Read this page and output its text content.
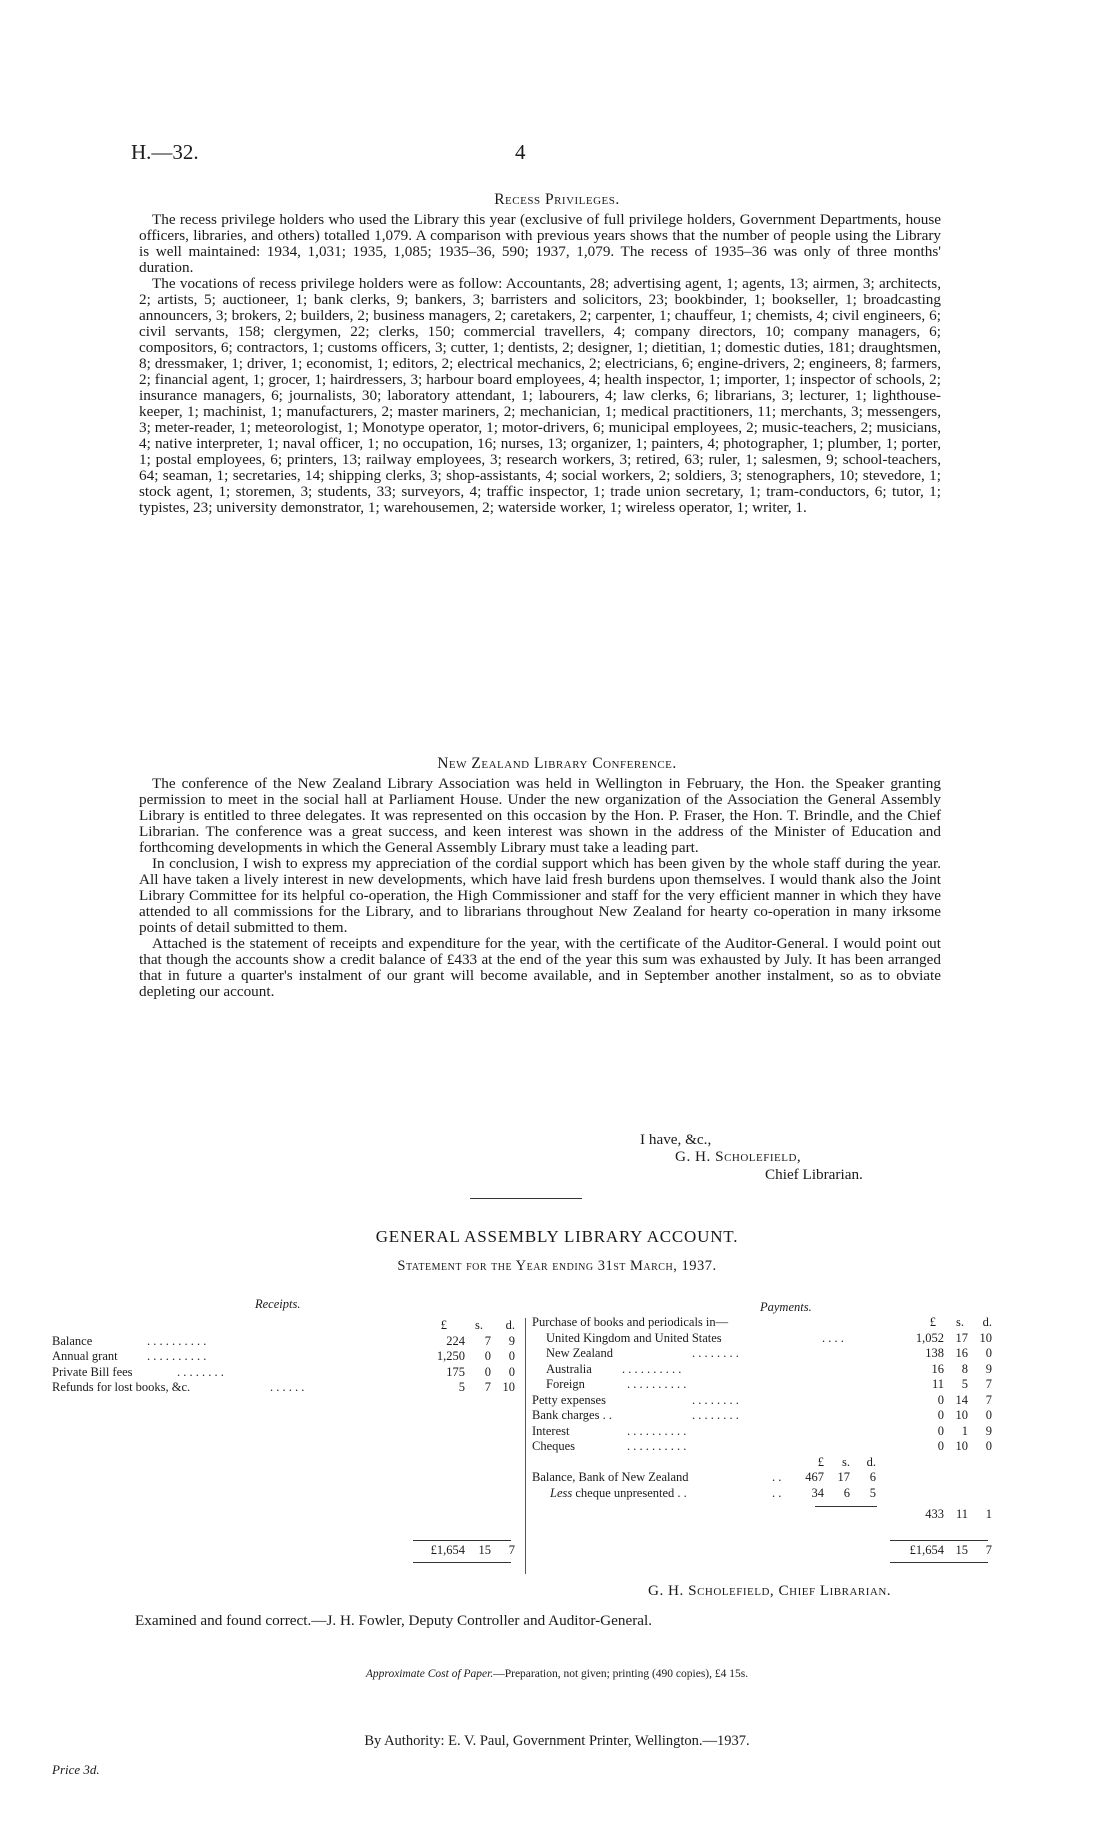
H.—32.	4
Recess Privileges.

The recess privilege holders who used the Library this year (exclusive of full privilege holders, Government Departments, house officers, libraries, and others) totalled 1,079. A comparison with previous years shows that the number of people using the Library is well maintained: 1934, 1,031; 1935, 1,085; 1935–36, 590; 1937, 1,079. The recess of 1935–36 was only of three months' duration.

The vocations of recess privilege holders were as follow: Accountants, 28; advertising agent, 1; agents, 13; airmen, 3; architects, 2; artists, 5; auctioneer, 1; bank clerks, 9; bankers, 3; barristers and solicitors, 23; bookbinder, 1; bookseller, 1; broadcasting announcers, 3; brokers, 2; builders, 2; business managers, 2; caretakers, 2; carpenter, 1; chauffeur, 1; chemists, 4; civil engineers, 6; civil servants, 158; clergymen, 22; clerks, 150; commercial travellers, 4; company directors, 10; company managers, 6; compositors, 6; contractors, 1; customs officers, 3; cutter, 1; dentists, 2; designer, 1; dietitian, 1; domestic duties, 181; draughtsmen, 8; dressmaker, 1; driver, 1; economist, 1; editors, 2; electrical mechanics, 2; electricians, 6; engine-drivers, 2; engineers, 8; farmers, 2; financial agent, 1; grocer, 1; hairdressers, 3; harbour board employees, 4; health inspector, 1; importer, 1; inspector of schools, 2; insurance managers, 6; journalists, 30; laboratory attendant, 1; labourers, 4; law clerks, 6; librarians, 3; lecturer, 1; lighthouse-keeper, 1; machinist, 1; manufacturers, 2; master mariners, 2; mechanician, 1; medical practitioners, 11; merchants, 3; messengers, 3; meter-reader, 1; meteorologist, 1; Monotype operator, 1; motor-drivers, 6; municipal employees, 2; music-teachers, 2; musicians, 4; native interpreter, 1; naval officer, 1; no occupation, 16; nurses, 13; organizer, 1; painters, 4; photographer, 1; plumber, 1; porter, 1; postal employees, 6; printers, 13; railway employees, 3; research workers, 3; retired, 63; ruler, 1; salesmen, 9; school-teachers, 64; seaman, 1; secretaries, 14; shipping clerks, 3; shop-assistants, 4; social workers, 2; soldiers, 3; stenographers, 10; stevedore, 1; stock agent, 1; storemen, 3; students, 33; surveyors, 4; traffic inspector, 1; trade union secretary, 1; tram-conductors, 6; tutor, 1; typistes, 23; university demonstrator, 1; warehousemen, 2; waterside worker, 1; wireless operator, 1; writer, 1.

New Zealand Library Conference.

The conference of the New Zealand Library Association was held in Wellington in February, the Hon. the Speaker granting permission to meet in the social hall at Parliament House. Under the new organization of the Association the General Assembly Library is entitled to three delegates. It was represented on this occasion by the Hon. P. Fraser, the Hon. T. Brindle, and the Chief Librarian. The conference was a great success, and keen interest was shown in the address of the Minister of Education and forthcoming developments in which the General Assembly Library must take a leading part.

In conclusion, I wish to express my appreciation of the cordial support which has been given by the whole staff during the year. All have taken a lively interest in new developments, which have laid fresh burdens upon themselves. I would thank also the Joint Library Committee for its helpful co-operation, the High Commissioner and staff for the very efficient manner in which they have attended to all commissions for the Library, and to librarians throughout New Zealand for hearty co-operation in many irksome points of detail submitted to them.

Attached is the statement of receipts and expenditure for the year, with the certificate of the Auditor-General. I would point out that though the accounts show a credit balance of £433 at the end of the year this sum was exhausted by July. It has been arranged that in future a quarter's instalment of our grant will become available, and in September another instalment, so as to obviate depleting our account.

I have, &c.,
G. H. Scholefield,
Chief Librarian.
GENERAL ASSEMBLY LIBRARY ACCOUNT.
Statement for the Year ending 31st March, 1937.
Receipts.
£ s. d.
Balance	. . . . . . . . . .	224 7 9
Annual grant . . . . . . . . . .	1,250 0 0
Private Bill fees	. . . . . . . .	175 0 0
Refunds for lost books, &c.	. . . . . .	5 7 10
£1,654 15 7
Payments.
Purchase of books and periodicals in—	£ s. d.
United Kingdom and United States	. . . .	1,052 17 10
New Zealand	. . . . . . . .	138 16 0
Australia . . . . . . . . . .	16 8 9
Foreign	. . . . . . . . . .	11 5 7
Petty expenses	. . . . . . . .	0 14 7
Bank charges . .	. . . . . . . .	0 10 0
Interest	. . . . . . . . . .	0 1 9
Cheques	. . . . . . . . . .	0 10 0
£ s. d.
Balance, Bank of New Zealand	. . 467 17 6
Less cheque unpresented . .	. . 34 6 5
433 11 1
£1,654 15 7
G. H. Scholefield, Chief Librarian.
Examined and found correct.—J. H. Fowler, Deputy Controller and Auditor-General.
Approximate Cost of Paper.—Preparation, not given; printing (490 copies), £4 15s.
By Authority: E. V. Paul, Government Printer, Wellington.—1937.
Price 3d.
